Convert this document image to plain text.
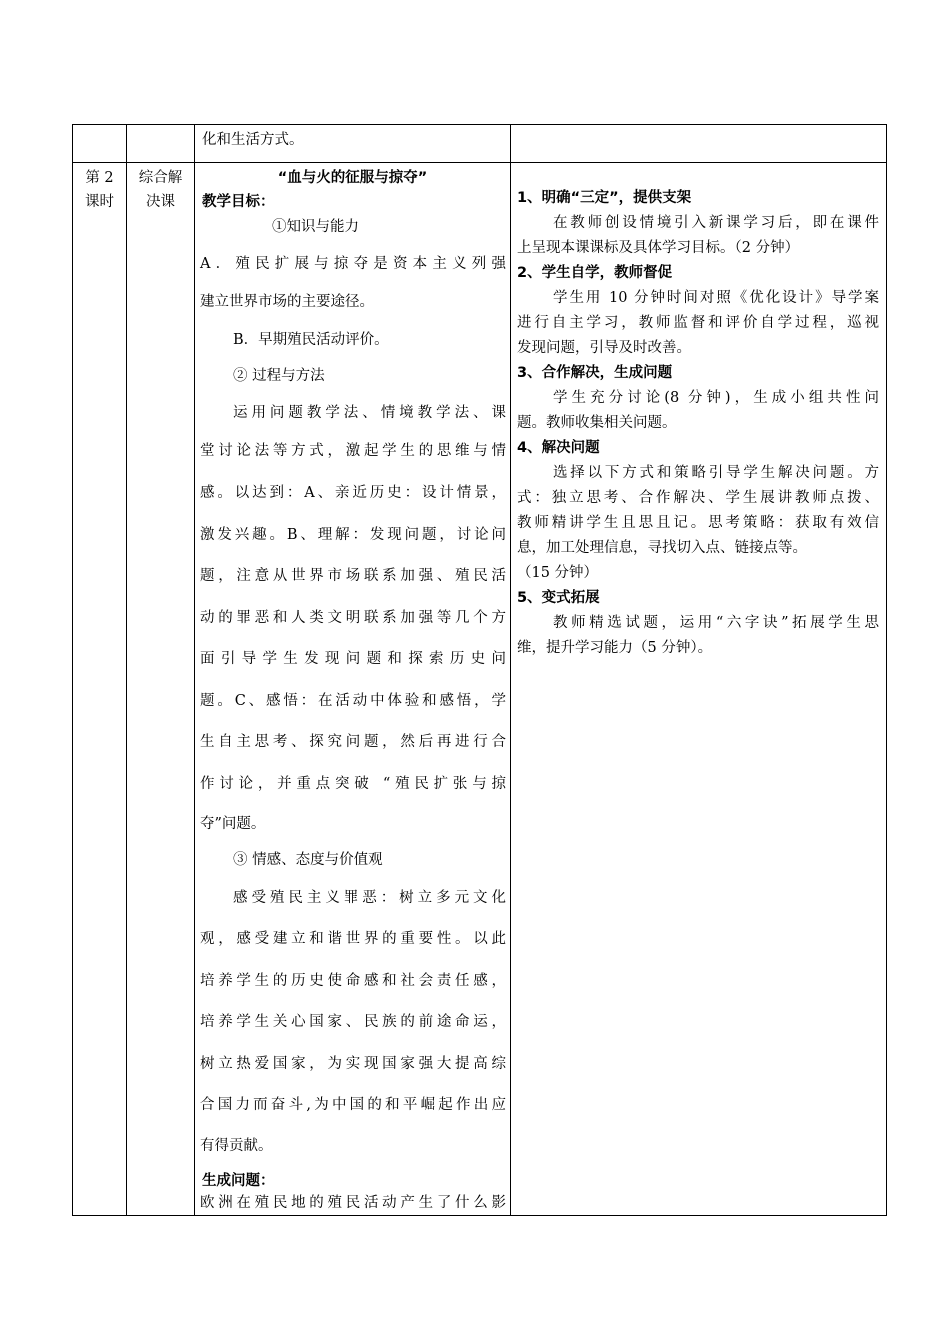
化和生活方式。
第 2
课时
综合解
决课
“血与火的征服与掠夺”
教学目标：
①知识与能力
A．殖民扩展与掠夺是资本主义列强
建立世界市场的主要途径。
B．早期殖民活动评价。
② 过程与方法
运用问题教学法、情境教学法、课
堂讨论法等方式，激起学生的思维与情
感。以达到：A、亲近历史：设计情景，
激发兴趣。B、理解：发现问题，讨论问
题，注意从世界市场联系加强、殖民活
动的罪恶和人类文明联系加强等几个方
面 引 导 学 生 发 现 问 题 和 探 索 历 史 问
题。C、感悟：在活动中体验和感悟，学
生自主思考、探究问题，然后再进行合
作讨论，并重点突破 “殖民扩张与掠
夺”问题。
③ 情感、态度与价值观
感受殖民主义罪恶：树立多元文化
观，感受建立和谐世界的重要性。以此
培养学生的历史使命感和社会责任感，
培养学生关心国家、民族的前途命运，
树立热爱国家，为实现国家强大提高综
合国力而奋斗,为中国的和平崛起作出应
有得贡献。
生成问题：
欧洲在殖民地的殖民活动产生了什么影
1、明确“三定”，提供支架
在教师创设情境引入新课学习后，即在课件
上呈现本课课标及具体学习目标。（2 分钟）
2、学生自学，教师督促
学生用 10 分钟时间对照《优化设计》导学案
进行自主学习，教师监督和评价自学过程，巡视
发现问题，引导及时改善。
3、合作解决，生成问题
学生充分讨论(8 分钟)，生成小组共性问
题。教师收集相关问题。
4、解决问题
选择以下方式和策略引导学生解决问题。方
式：独立思考、合作解决、学生展讲教师点拨、
教师精讲学生且思且记。思考策略：获取有效信
息，加工处理信息，寻找切入点、链接点等。
（15 分钟）
5、变式拓展
教师精选试题，运用“六字诀”拓展学生思
维，提升学习能力（5 分钟）。
